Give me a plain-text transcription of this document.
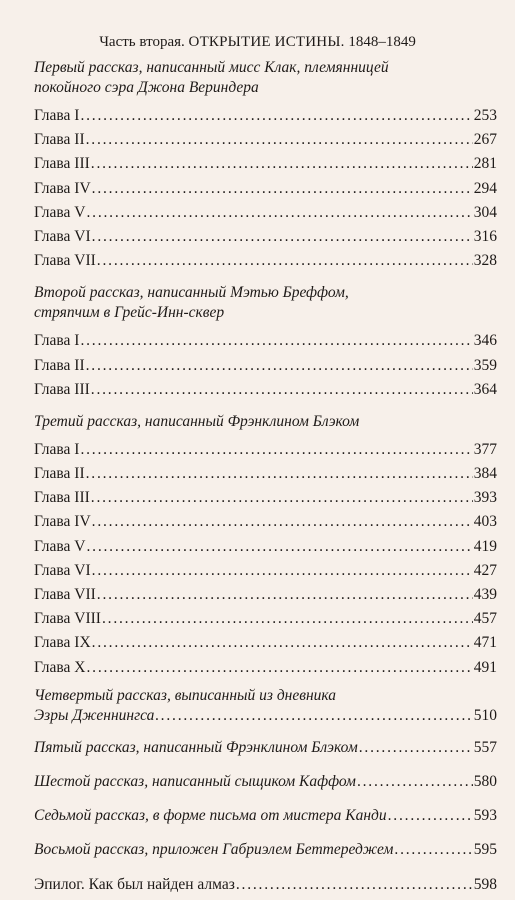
Часть вторая. ОТКРЫТИЕ ИСТИНЫ. 1848–1849

Первый рассказ, написанный мисс Клак, племянницей

покойного сэра Джона Вериндера

Глава I .....	253
Глава II .....	267
Глава III .....	281
Глава IV .....	294
Глава V .....	304
Глава VI .....	316
Глава VII .....	328

Второй рассказ, написанный Мэтью Бреффом,

стряпчим в Грейс-Инн-сквер

Глава I .....	346
Глава II .....	359
Глава III .....	364

Третий рассказ, написанный Фрэнклином Блэком

Глава I .....	377
Глава II .....	384
Глава III .....	393
Глава IV .....	403
Глава V .....	419
Глава VI .....	427
Глава VII .....	439
Глава VIII .....	457
Глава IX .....	471
Глава X .....	491

Четвертый рассказ, выписанный из дневника

Эзры Дженнингса .....	510
Пятый рассказ, написанный Фрэнклином Блэком .....	557
Шестой рассказ, написанный сыщиком Каффом .....	580
Седьмой рассказ, в форме письма от мистера Канди .....	593
Восьмой рассказ, приложен Габриэлем Беттереджем .....	595
Эпилог. Как был найден алмаз .....	598
